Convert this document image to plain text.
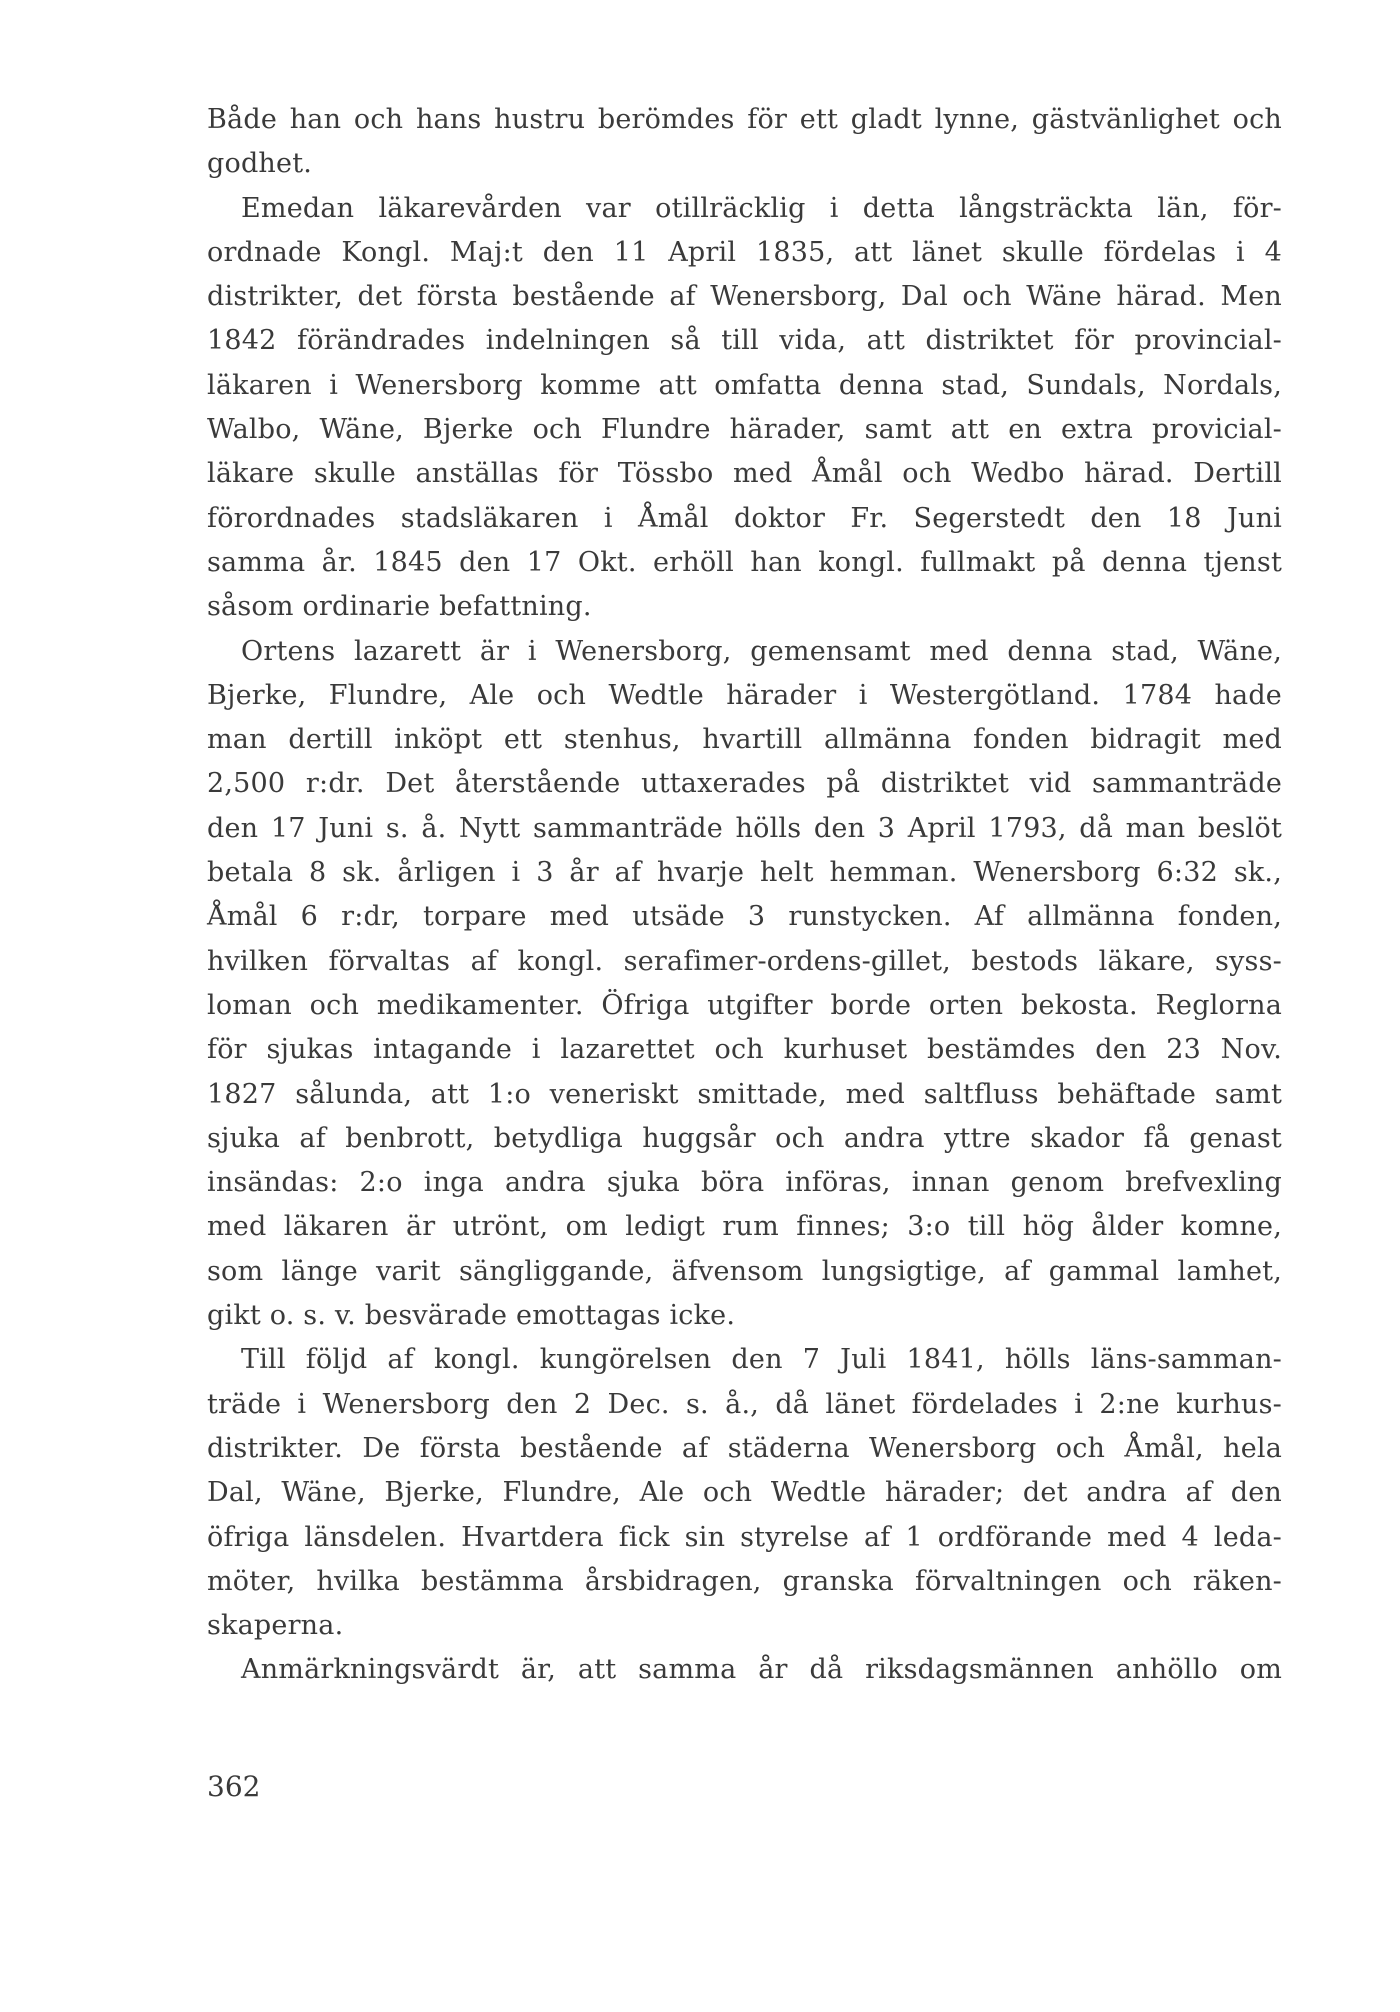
Både han och hans hustru berömdes för ett gladt lynne, gästvänlighet och
godhet.
Emedan läkarevården var otillräcklig i detta långsträckta län, för-
ordnade Kongl. Maj:t den 11 April 1835, att länet skulle fördelas i 4
distrikter, det första bestående af Wenersborg, Dal och Wäne härad. Men
1842 förändrades indelningen så till vida, att distriktet för provincial-
läkaren i Wenersborg komme att omfatta denna stad, Sundals, Nordals,
Walbo, Wäne, Bjerke och Flundre härader, samt att en extra provicial-
läkare skulle anställas för Tössbo med Åmål och Wedbo härad. Dertill
förordnades stadsläkaren i Åmål doktor Fr. Segerstedt den 18 Juni
samma år. 1845 den 17 Okt. erhöll han kongl. fullmakt på denna tjenst
såsom ordinarie befattning.
Ortens lazarett är i Wenersborg, gemensamt med denna stad, Wäne,
Bjerke, Flundre, Ale och Wedtle härader i Westergötland. 1784 hade
man dertill inköpt ett stenhus, hvartill allmänna fonden bidragit med
2,500 r:dr. Det återstående uttaxerades på distriktet vid sammanträde
den 17 Juni s. å. Nytt sammanträde hölls den 3 April 1793, då man beslöt
betala 8 sk. årligen i 3 år af hvarje helt hemman. Wenersborg 6:32 sk.,
Åmål 6 r:dr, torpare med utsäde 3 runstycken. Af allmänna fonden,
hvilken förvaltas af kongl. serafimer-ordens-gillet, bestods läkare, syss-
loman och medikamenter. Öfriga utgifter borde orten bekosta. Reglorna
för sjukas intagande i lazarettet och kurhuset bestämdes den 23 Nov.
1827 sålunda, att 1:o veneriskt smittade, med saltfluss behäftade samt
sjuka af benbrott, betydliga huggsår och andra yttre skador få genast
insändas: 2:o inga andra sjuka böra införas, innan genom brefvexling
med läkaren är utrönt, om ledigt rum finnes; 3:o till hög ålder komne,
som länge varit sängliggande, äfvensom lungsigtige, af gammal lamhet,
gikt o. s. v. besvärade emottagas icke.
Till följd af kongl. kungörelsen den 7 Juli 1841, hölls läns-samman-
träde i Wenersborg den 2 Dec. s. å., då länet fördelades i 2:ne kurhus-
distrikter. De första bestående af städerna Wenersborg och Åmål, hela
Dal, Wäne, Bjerke, Flundre, Ale och Wedtle härader; det andra af den
öfriga länsdelen. Hvartdera fick sin styrelse af 1 ordförande med 4 leda-
möter, hvilka bestämma årsbidragen, granska förvaltningen och räken-
skaperna.
Anmärkningsvärdt är, att samma år då riksdagsmännen anhöllo om
362
